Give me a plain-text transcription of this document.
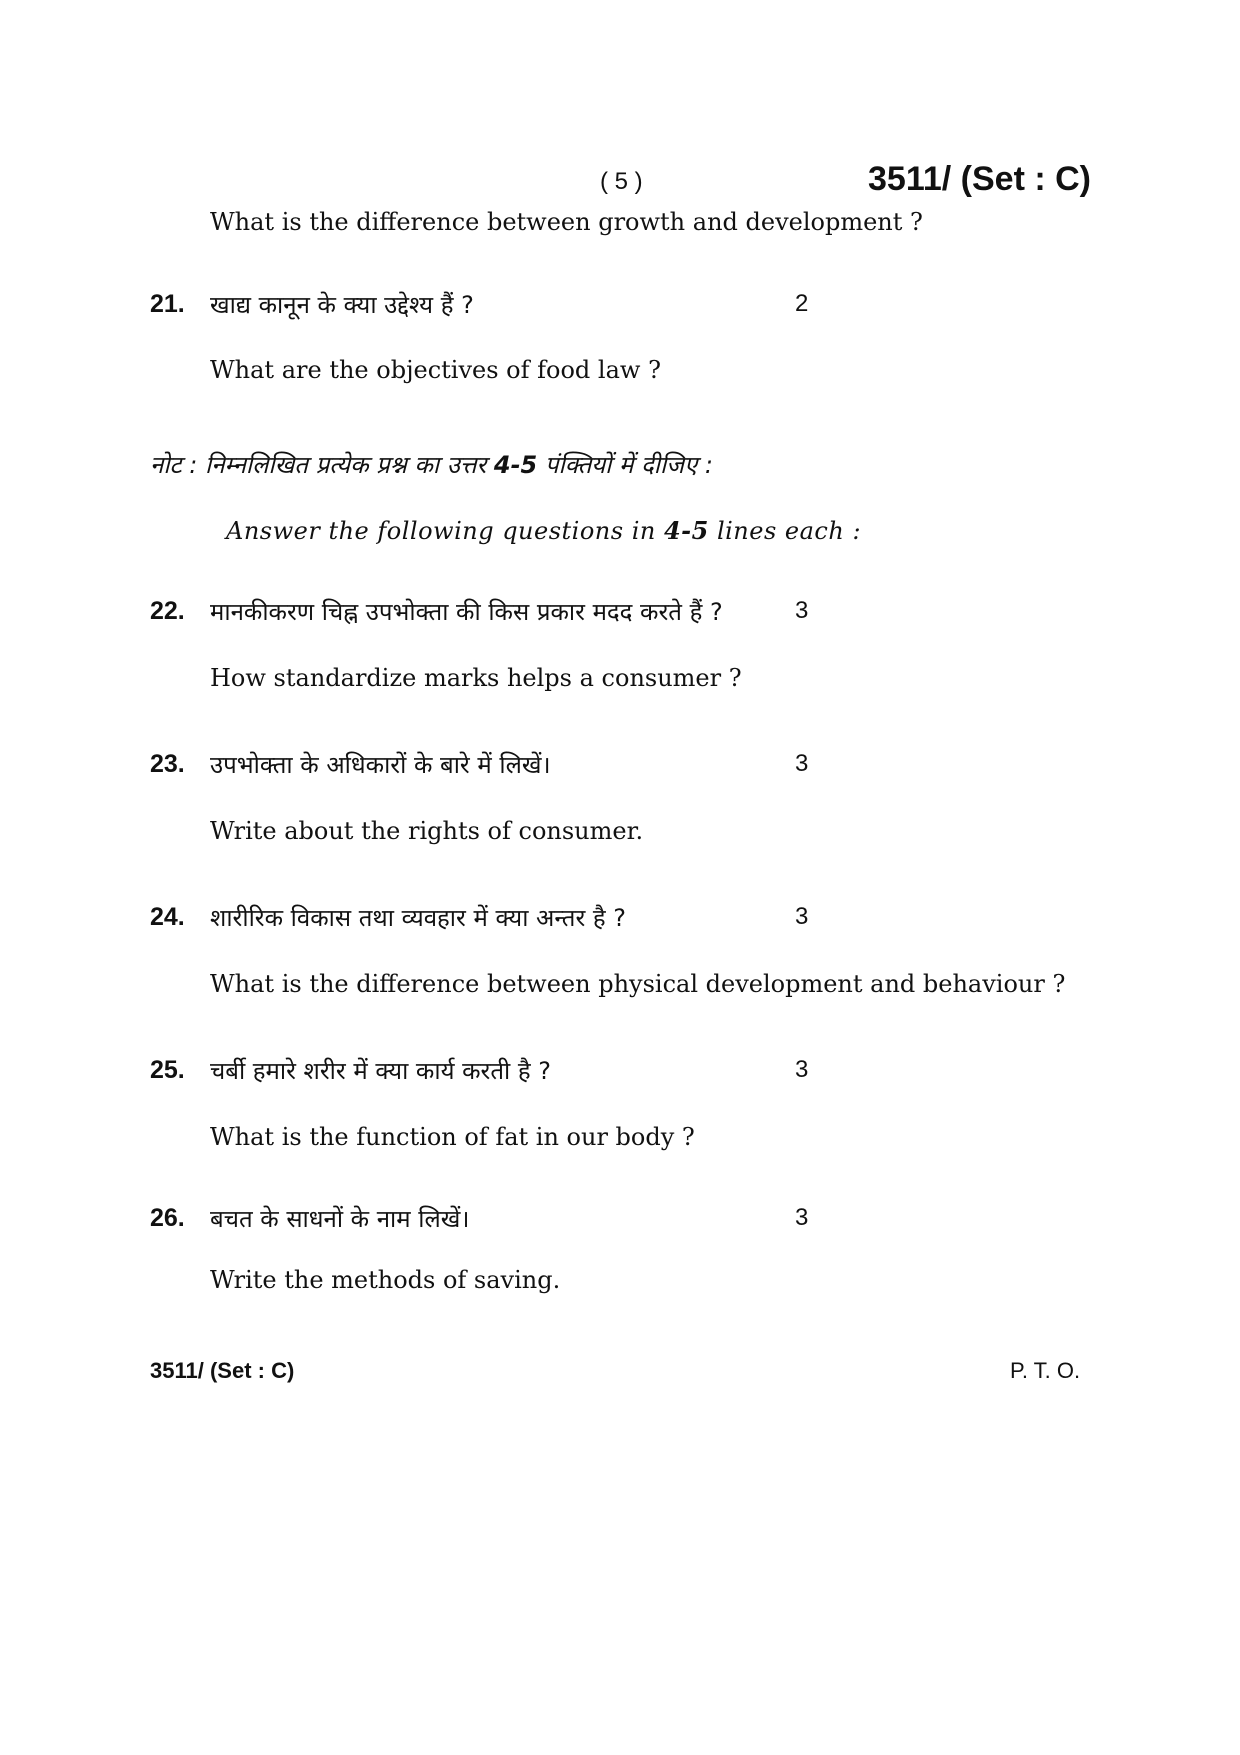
( 5 )	3511/ (Set : C)
What is the difference between growth and development ?
21. खाद्य कानून के क्या उद्देश्य हैं ?	2
What are the objectives of food law ?
नोट : निम्नलिखित प्रत्येक प्रश्न का उत्तर 4-5 पंक्तियों में दीजिए :
Answer the following questions in 4-5 lines each :
22. मानकीकरण चिह्न उपभोक्ता की किस प्रकार मदद करते हैं ?	3
How standardize marks helps a consumer ?
23. उपभोक्ता के अधिकारों के बारे में लिखें।	3
Write about the rights of consumer.
24. शारीरिक विकास तथा व्यवहार में क्या अन्तर है ?	3
What is the difference between physical development and behaviour ?
25. चर्बी हमारे शरीर में क्या कार्य करती है ?	3
What is the function of fat in our body ?
26. बचत के साधनों के नाम लिखें।	3
Write the methods of saving.
3511/ (Set : C)	P. T. O.
